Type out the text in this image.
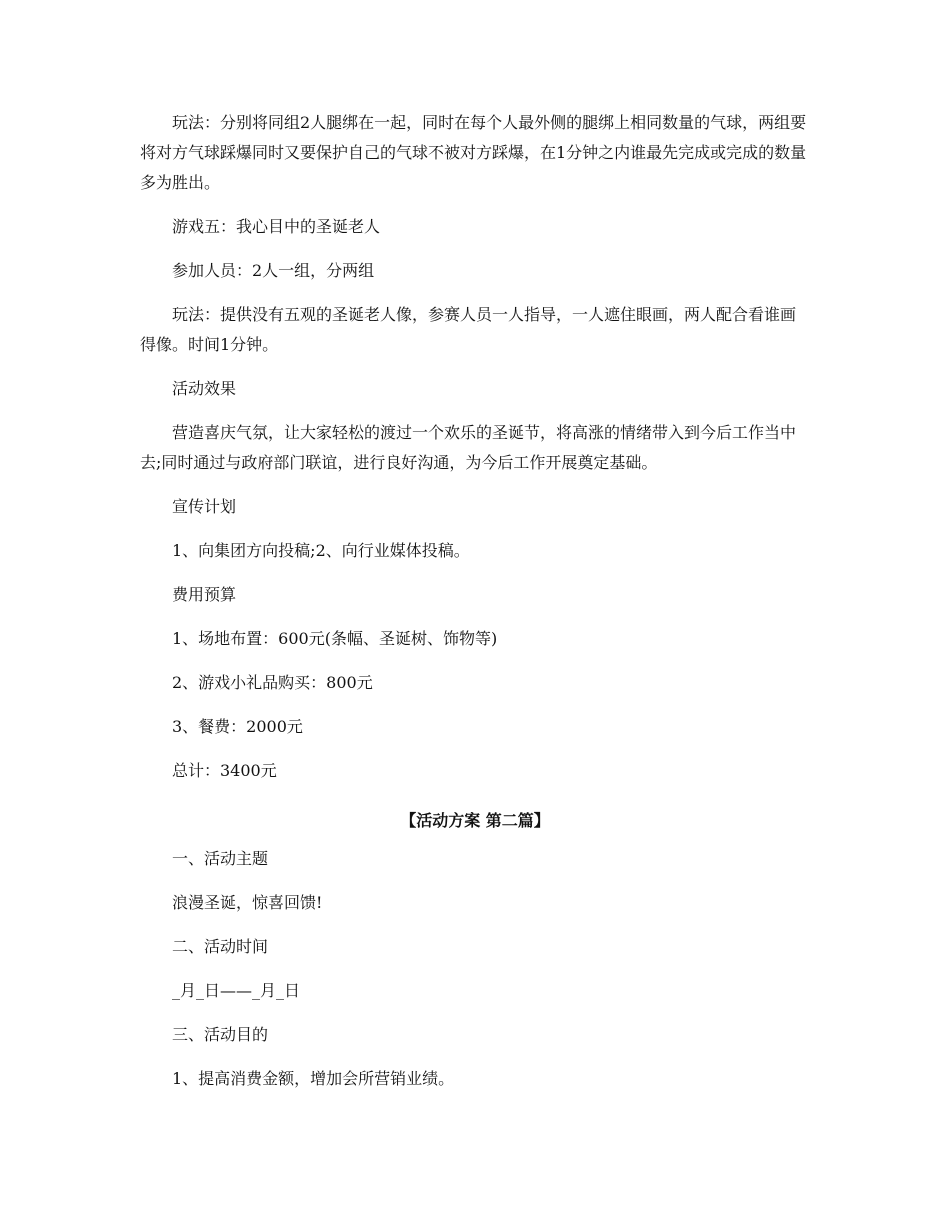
玩法：分别将同组2人腿绑在一起，同时在每个人最外侧的腿绑上相同数量的气球，两组要将对方气球踩爆同时又要保护自己的气球不被对方踩爆，在1分钟之内谁最先完成或完成的数量多为胜出。

游戏五：我心目中的圣诞老人

参加人员：2人一组，分两组

玩法：提供没有五观的圣诞老人像，参赛人员一人指导，一人遮住眼画，两人配合看谁画得像。时间1分钟。

活动效果

营造喜庆气氛，让大家轻松的渡过一个欢乐的圣诞节，将高涨的情绪带入到今后工作当中去;同时通过与政府部门联谊，进行良好沟通，为今后工作开展奠定基础。

宣传计划

1、向集团方向投稿;2、向行业媒体投稿。

费用预算

1、场地布置：600元(条幅、圣诞树、饰物等)

2、游戏小礼品购买：800元

3、餐费：2000元

总计：3400元

【活动方案 第二篇】

一、活动主题

浪漫圣诞，惊喜回馈!

二、活动时间

_月_日——_月_日

三、活动目的

1、提高消费金额，增加会所营销业绩。
